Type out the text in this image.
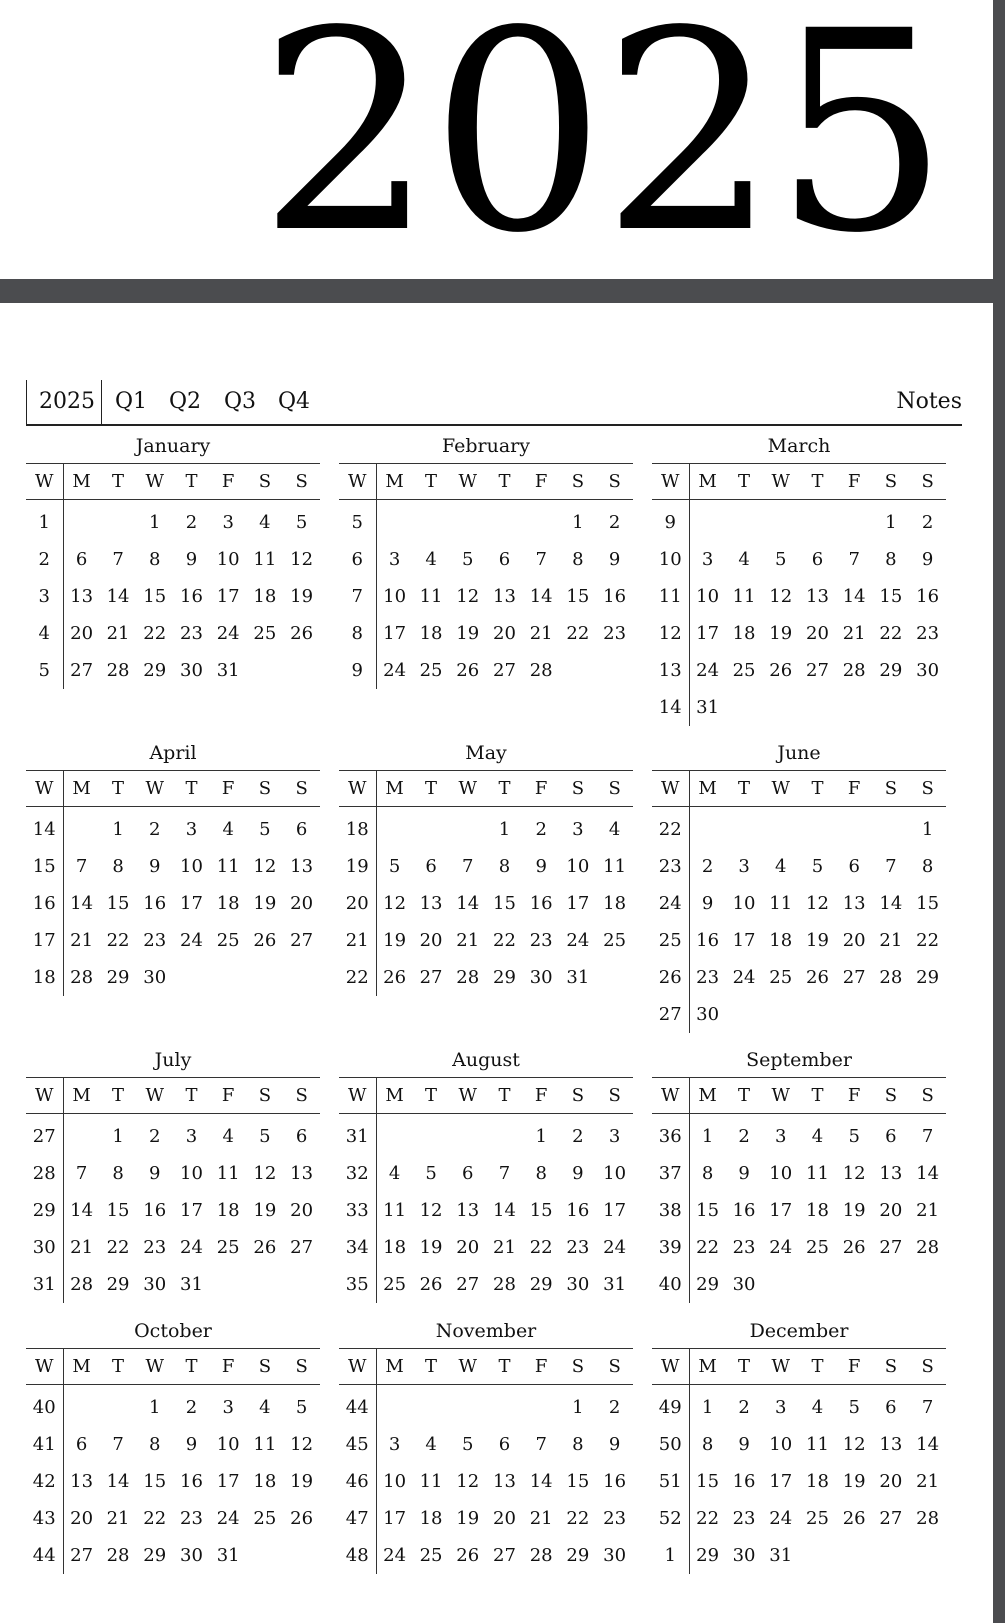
2025
2025 Q1 Q2 Q3 Q4	Notes
January
W	M	T	W	T	F	S	S
1			1	2	3	4	5
2	6	7	8	9	10	11	12
3	13	14	15	16	17	18	19
4	20	21	22	23	24	25	26
5	27	28	29	30	31		
February
W	M	T	W	T	F	S	S
5						1	2
6	3	4	5	6	7	8	9
7	10	11	12	13	14	15	16
8	17	18	19	20	21	22	23
9	24	25	26	27	28		
March
W	M	T	W	T	F	S	S
9						1	2
10	3	4	5	6	7	8	9
11	10	11	12	13	14	15	16
12	17	18	19	20	21	22	23
13	24	25	26	27	28	29	30
14	31						
April
W	M	T	W	T	F	S	S
14		1	2	3	4	5	6
15	7	8	9	10	11	12	13
16	14	15	16	17	18	19	20
17	21	22	23	24	25	26	27
18	28	29	30				
May
W	M	T	W	T	F	S	S
18				1	2	3	4
19	5	6	7	8	9	10	11
20	12	13	14	15	16	17	18
21	19	20	21	22	23	24	25
22	26	27	28	29	30	31	
June
W	M	T	W	T	F	S	S
22							1
23	2	3	4	5	6	7	8
24	9	10	11	12	13	14	15
25	16	17	18	19	20	21	22
26	23	24	25	26	27	28	29
27	30						
July
W	M	T	W	T	F	S	S
27		1	2	3	4	5	6
28	7	8	9	10	11	12	13
29	14	15	16	17	18	19	20
30	21	22	23	24	25	26	27
31	28	29	30	31			
August
W	M	T	W	T	F	S	S
31					1	2	3
32	4	5	6	7	8	9	10
33	11	12	13	14	15	16	17
34	18	19	20	21	22	23	24
35	25	26	27	28	29	30	31
September
W	M	T	W	T	F	S	S
36	1	2	3	4	5	6	7
37	8	9	10	11	12	13	14
38	15	16	17	18	19	20	21
39	22	23	24	25	26	27	28
40	29	30					
October
W	M	T	W	T	F	S	S
40			1	2	3	4	5
41	6	7	8	9	10	11	12
42	13	14	15	16	17	18	19
43	20	21	22	23	24	25	26
44	27	28	29	30	31		
November
W	M	T	W	T	F	S	S
44						1	2
45	3	4	5	6	7	8	9
46	10	11	12	13	14	15	16
47	17	18	19	20	21	22	23
48	24	25	26	27	28	29	30
December
W	M	T	W	T	F	S	S
49	1	2	3	4	5	6	7
50	8	9	10	11	12	13	14
51	15	16	17	18	19	20	21
52	22	23	24	25	26	27	28
1	29	30	31				
